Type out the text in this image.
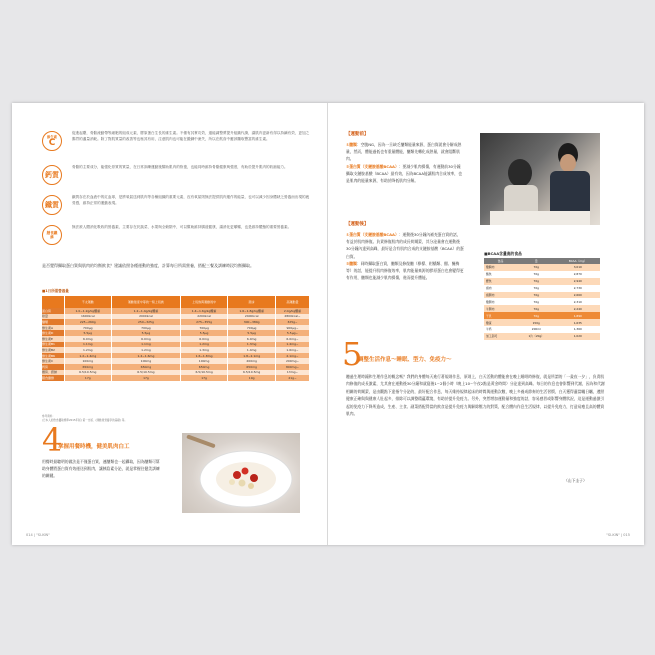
維生素
C
促進起慶，骨骼流動帶等細胞的組成元素，膠原蛋白生長的維生素。不僅有其實功效，還能調整漿提升組織代謝，讓肌肉更新有得以持續有效，更加之腸胃的適量消耗。除了對肌質量的改善等也極其有用，注意肌肉也可能在鍛鍊中流失，所以在飲食中應該攝取豐富的維生素。
鈣質
骨骼的主要成分，能強化骨質的質量，在日常訓練運動後幫助肌肉的恢復，也能同時維持骨骼健康與強度，有助於提升肌肉的收縮能力。
鐵質
鐵質存在於血液中的紅血球，是將氧氣送到肌肉等各種組織的重要元素，沒有氧氣則無法提供肌肉運作的能量，也可以減少因身體缺乏營養而出現的疲勞感，維持正常的運動表現。
膳食纖維
無法被人體消化吸收的營養素，主要存在於蔬菜、水果與全穀類中，可以幫助維持腸道健康，讓消化更順暢，也是維持體態的重要營養素。
是否覺得攝取蛋白質與肌肉的均衡飲食？建議依照各種運動的強度，計算每日所需營養，搭配三餐及訓練時段均衡攝取。
■1日所需營養量
	不太運動	運動強度中等的一般上班族	上班族與運動員中	跑步	高運動量
蛋白質	1.0~1.2g/kg體重	1.2~1.4g/kg體重	1.4~1.6g/kg體重	1.6~1.8g/kg體重	2.0g/kg體重
熱量	1600kcal	2000kcal	2200kcal	2400kcal	2800kcal~
醣類	225~260g	250~325g	275~355g	300~380g	325g~
維生素A	700μg	700μg	700μg	700μg	900μg~
維生素D	5.5μg	5.5μg	5.5μg	5.5μg	5.5μg~
維生素E	6.0mg	6.0mg	6.0mg	6.0mg	6.0mg~
維生素B1	1.1mg	1.1mg	1.2mg	1.3mg	1.4mg~
維生素B2	1.2mg	1.2mg	1.3mg	1.4mg	1.6mg~
維生素B6	1.2~1.4mg	1.4~1.6mg	1.6~1.8mg	1.8~2.1mg	2.1mg~
維生素C	100mg	100mg	100mg	200mg	200mg~
鈣質	650mg	650mg	650mg	650mg	800mg~
鐵質、鎂鈉	6.5/10.5mg	6.5/10.5mg	6.5/10.5mg	6.5/10.5mg	13mg~
膳食纖維	17g	17g	17g	19g	21g~
參考資料：
(日本人的飲食攝取標準2015年版) 第一出版、(運動員營養學的基礎) 等。
4
掌握用餐時機，健美肌肉白工
用餐時最聰明的做法是不僅蛋白質，連醣類也一起攝取，因為醣類可幫助身體將蛋白質有效運送到肌肉，讓胰島素分泌，就是掌握住健美訓練的關鍵。
014 | "SI-KIN"
【運動前】
①醣類：空腹NG，因為一旦缺乏醣類能量來源，蛋白質就會分解成熱量，然而，體能過低也有重量體能，醣類先轉化成熱量，就會阻斷肌肉。
②蛋白質（支鏈胺基酸BCAA）：要減少肌肉損傷，有運動前30分鐘攝取支鏈胺基酸（BCAA）最有效，因為BCAA能讓肌肉合成效率，也是肌肉的能量來源，有助於降低肌肉分解。
【運動後】
①蛋白質（支鏈胺基酸BCAA）：運動後30分鐘內補充蛋白質的話，有益於肌肉修復。負責修復肌肉的成長荷爾蒙，其分泌量會在運動後30分鐘內達到高峰，最好是含有肌肉合成的支鏈胺基酸（BCAA）的蛋白質。
②醣類：同時攝取蛋白質，醣類及修復醣（檸檬、柑橘類、醋、醃梅等）的話，能提升肌肉修復效率，肌肉能量來源的膠原蛋白也會變得更有作用，醣類也能減少肌肉損傷，進而提升體能。
■BCAA含量高的食品
食品	量	BCAA（mg）
雞胸肉	70g	3,010
鮪魚	70g	2,870
鰹魚	70g	2,940
豬肉	70g	2,730
豬腿肉	70g	2,660
雞腿肉	70g	2,310
牛腿肉	70g	2,240
干貝	70g	1,890
雞蛋	150g	1,635
牛奶	200ml	1,360
加工起司	1片（20g）	1,020
5
調整生活作息～睡眠、型力、免疫力～
聽過生理時鐘和生理作息的概念嗎？我們的身體每天進行著規則作息，原則上，白天活動的體能會在晚上睡眠時修復，就是所謂的「一晝夜一夕」，負責肌肉修復的成長激素，尤其會在運動後30分鐘和就寢後1~2個小時（晚上10~午夜2點是黃金時間）分泌達到高峰。每日的作息也會影響到代謝，因為和代謝相關的荷爾蒙，是由觀點下達指令分泌的，最好配合作息，每天維持規律起床的時間與運動次數，晚上多養成節奏的生活習慣，白天獲得適當曬日曬，遵照健康正確與與健康人肚起多，排除可以調整精蘊環境，有助於提升免疫力。另外，突然增加運動量和強度的話，容易感冒或影響身體狀況，這是運動過激引起的免疫力下降所造成，生產、主食、副菜搭配得當的飲食是提升免疫力與解除壓力的對策，配合體內作息生活規律，以提升免疫力，打造易瘦且高的體質肌肉。
（山下圭子）
"SI-KIN" | 015
